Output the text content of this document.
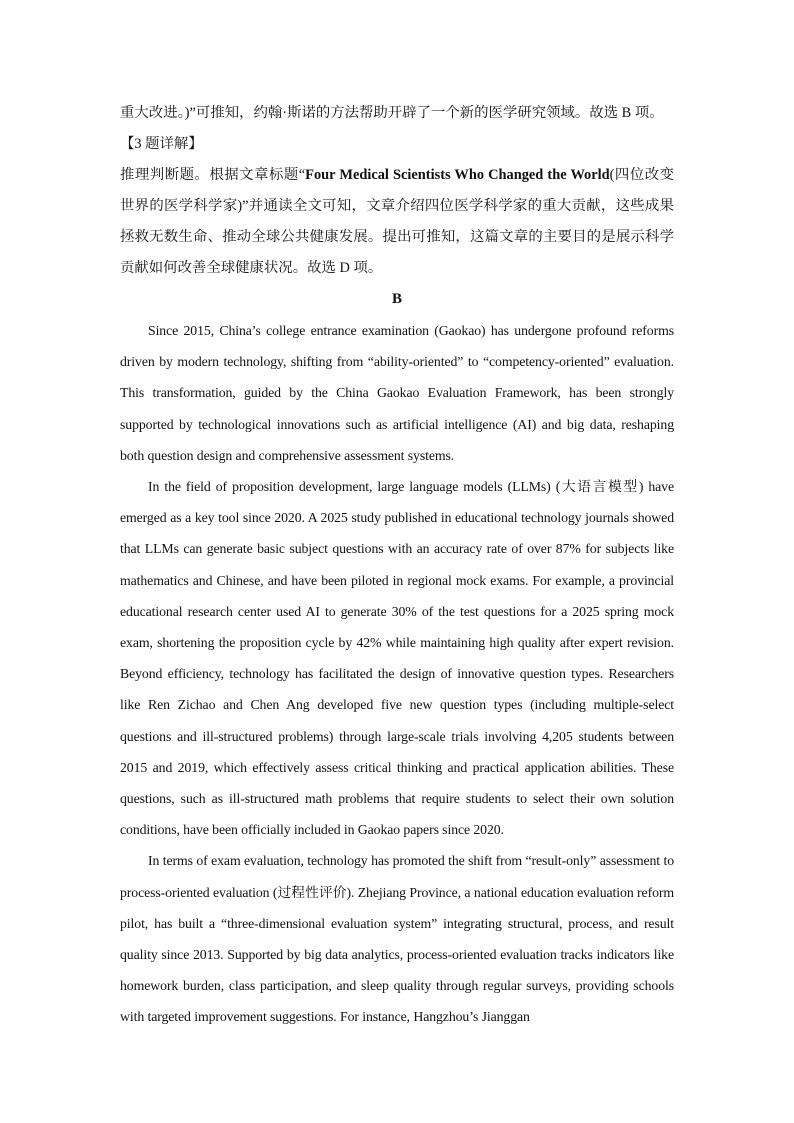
重大改进。)”可推知，约翰·斯诺的方法帮助开辟了一个新的医学研究领域。故选 B 项。

【3 题详解】

推理判断题。根据文章标题“Four Medical Scientists Who Changed the World(四位改变世界的医学科学家)”并通读全文可知，文章介绍四位医学科学家的重大贡献，这些成果拯救无数生命、推动全球公共健康发展。提出可推知，这篇文章的主要目的是展示科学贡献如何改善全球健康状况。故选 D 项。

B

Since 2015, China’s college entrance examination (Gaokao) has undergone profound reforms driven by modern technology, shifting from “ability-oriented” to “competency-oriented” evaluation. This transformation, guided by the China Gaokao Evaluation Framework, has been strongly supported by technological innovations such as artificial intelligence (AI) and big data, reshaping both question design and comprehensive assessment systems.

In the field of proposition development, large language models (LLMs) (大语言模型) have emerged as a key tool since 2020. A 2025 study published in educational technology journals showed that LLMs can generate basic subject questions with an accuracy rate of over 87% for subjects like mathematics and Chinese, and have been piloted in regional mock exams. For example, a provincial educational research center used AI to generate 30% of the test questions for a 2025 spring mock exam, shortening the proposition cycle by 42% while maintaining high quality after expert revision. Beyond efficiency, technology has facilitated the design of innovative question types. Researchers like Ren Zichao and Chen Ang developed five new question types (including multiple-select questions and ill-structured problems) through large-scale trials involving 4,205 students between 2015 and 2019, which effectively assess critical thinking and practical application abilities. These questions, such as ill-structured math problems that require students to select their own solution conditions, have been officially included in Gaokao papers since 2020.

In terms of exam evaluation, technology has promoted the shift from “result-only” assessment to process-oriented evaluation (过程性评价). Zhejiang Province, a national education evaluation reform pilot, has built a “three-dimensional evaluation system” integrating structural, process, and result quality since 2013. Supported by big data analytics, process-oriented evaluation tracks indicators like homework burden, class participation, and sleep quality through regular surveys, providing schools with targeted improvement suggestions. For instance, Hangzhou’s Jianggan
